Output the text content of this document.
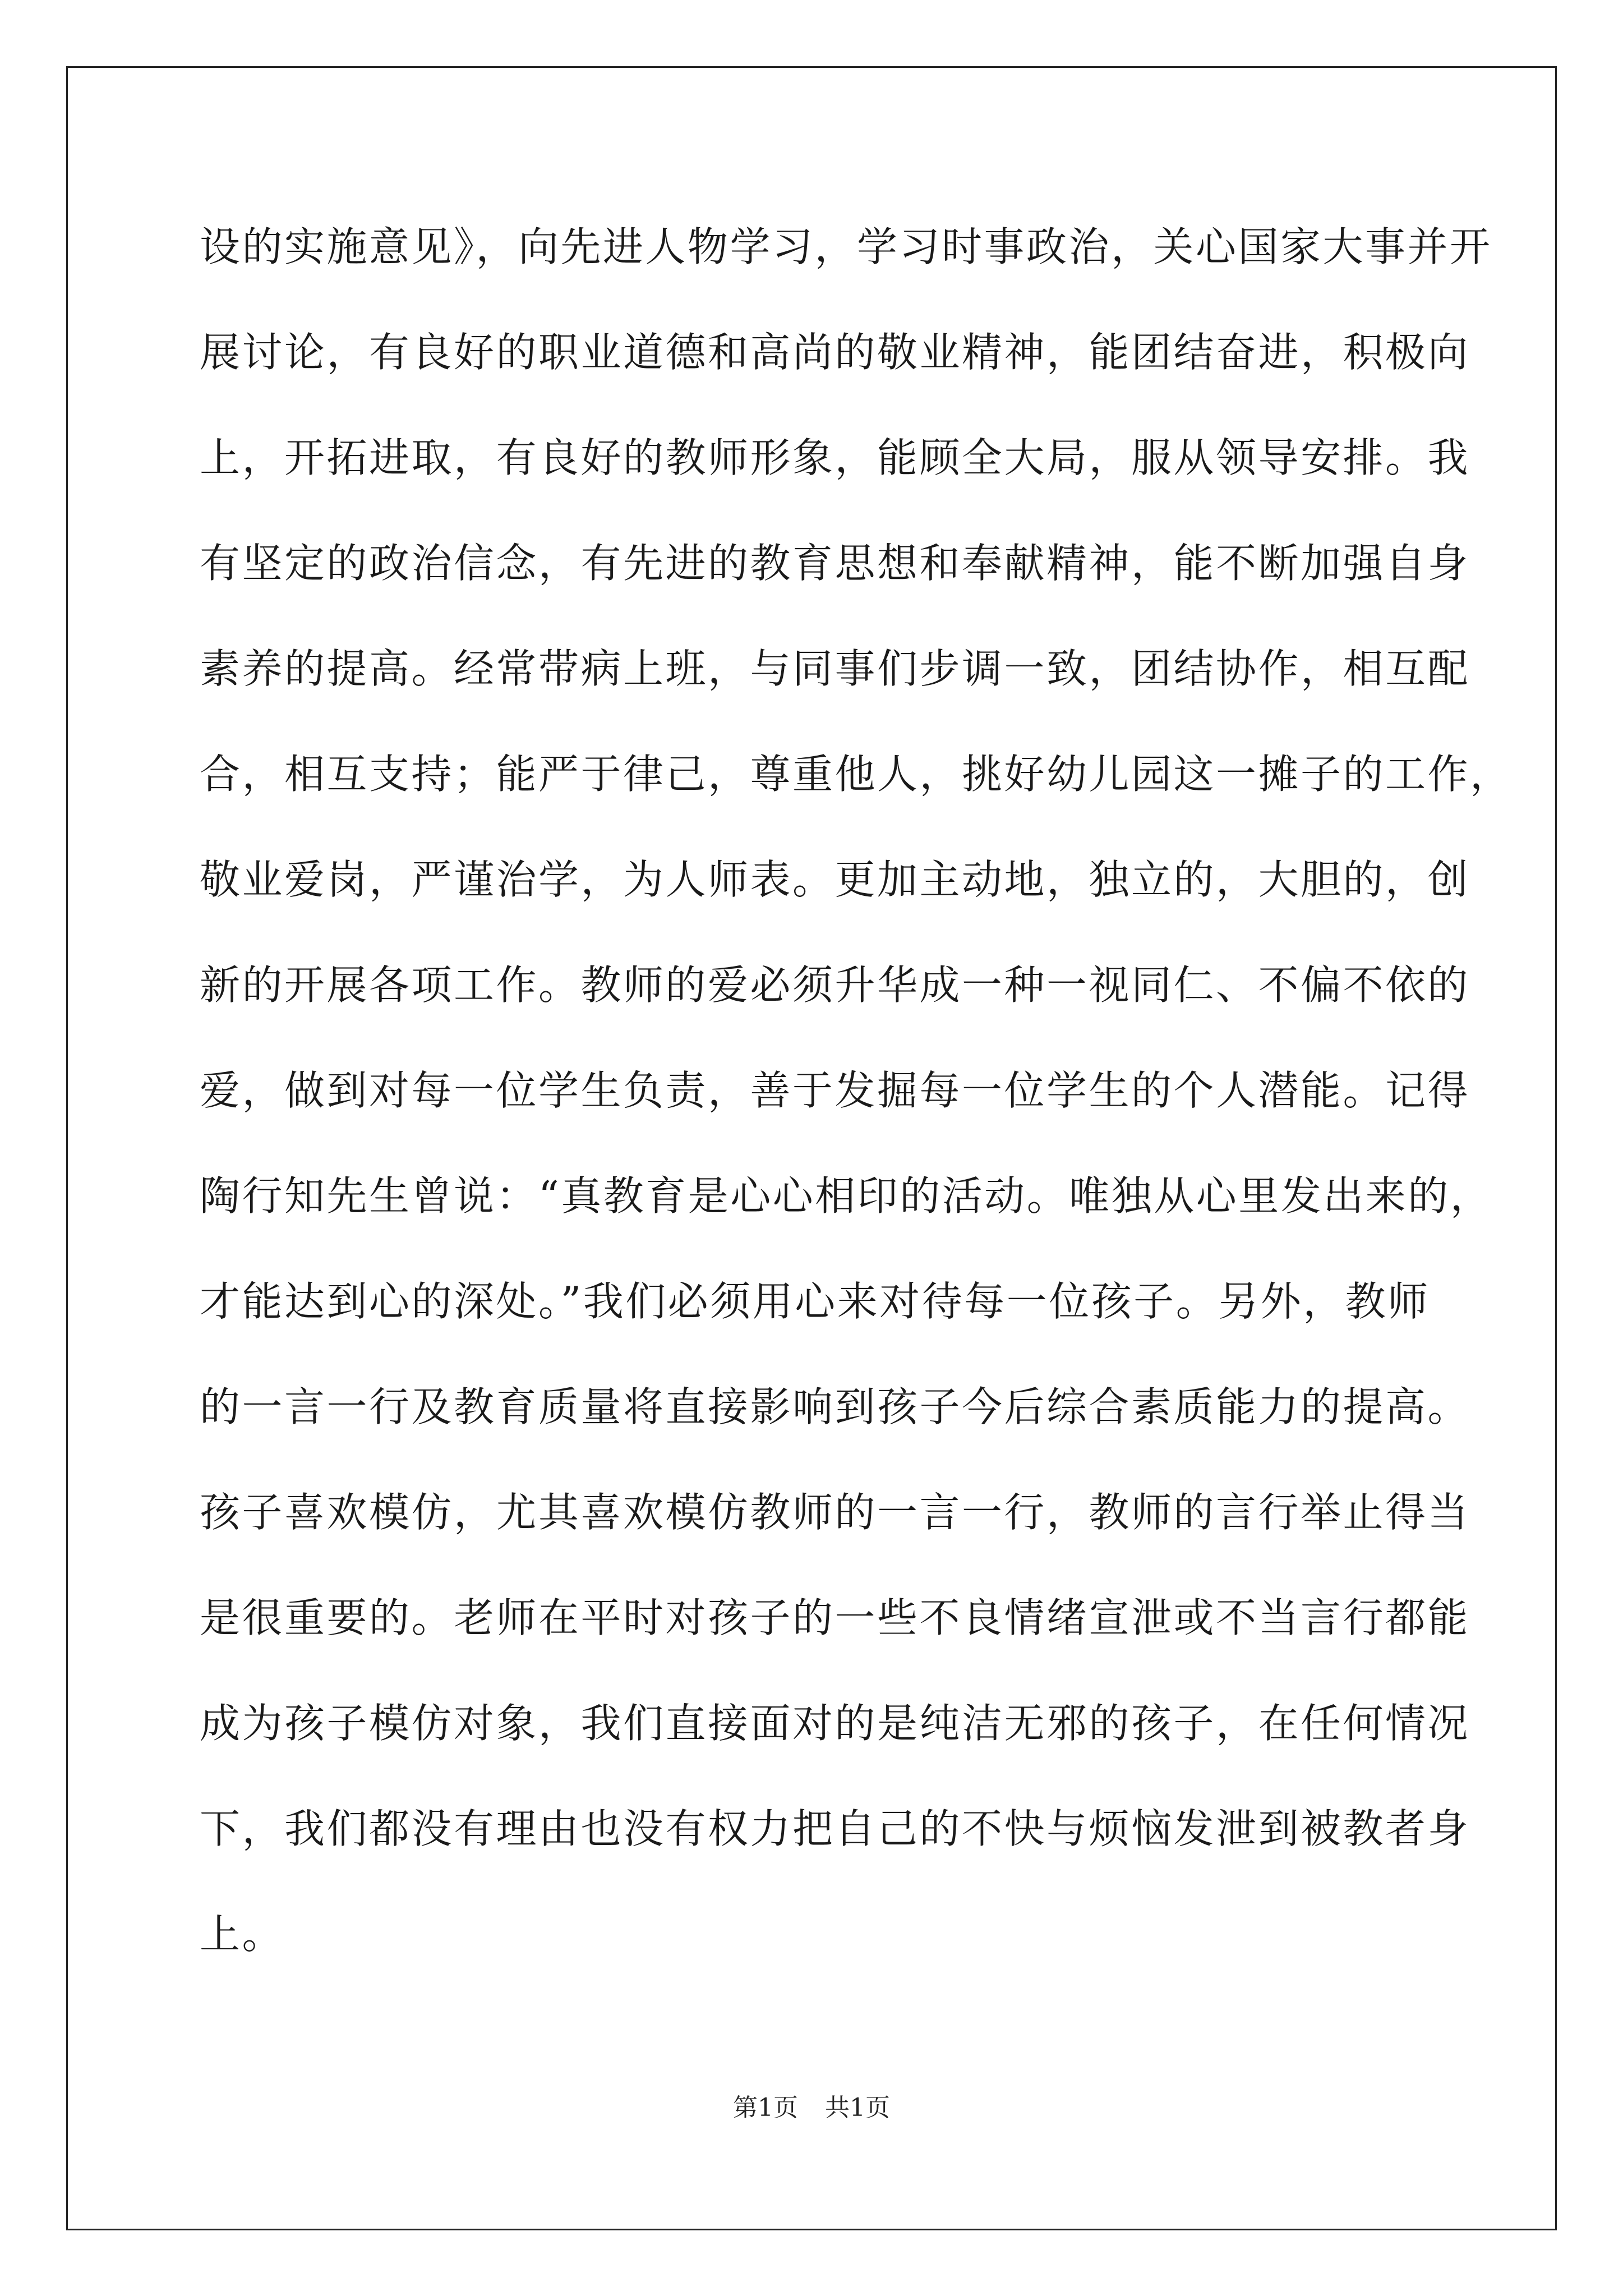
设的实施意见》，向先进人物学习，学习时事政治，关心国家大事并开
展讨论，有良好的职业道德和高尚的敬业精神，能团结奋进，积极向
上，开拓进取，有良好的教师形象，能顾全大局，服从领导安排。我
有坚定的政治信念，有先进的教育思想和奉献精神，能不断加强自身
素养的提高。经常带病上班，与同事们步调一致，团结协作，相互配
合，相互支持；能严于律己，尊重他人，挑好幼儿园这一摊子的工作，
敬业爱岗，严谨治学，为人师表。更加主动地，独立的，大胆的，创
新的开展各项工作。教师的爱必须升华成一种一视同仁、不偏不依的
爱，做到对每一位学生负责，善于发掘每一位学生的个人潜能。记得
陶行知先生曾说：“真教育是心心相印的活动。唯独从心里发出来的，
才能达到心的深处。”我们必须用心来对待每一位孩子。另外，教师
的一言一行及教育质量将直接影响到孩子今后综合素质能力的提高。
孩子喜欢模仿，尤其喜欢模仿教师的一言一行，教师的言行举止得当
是很重要的。老师在平时对孩子的一些不良情绪宣泄或不当言行都能
成为孩子模仿对象，我们直接面对的是纯洁无邪的孩子，在任何情况
下，我们都没有理由也没有权力把自己的不快与烦恼发泄到被教者身
上。
第1页 共1页
